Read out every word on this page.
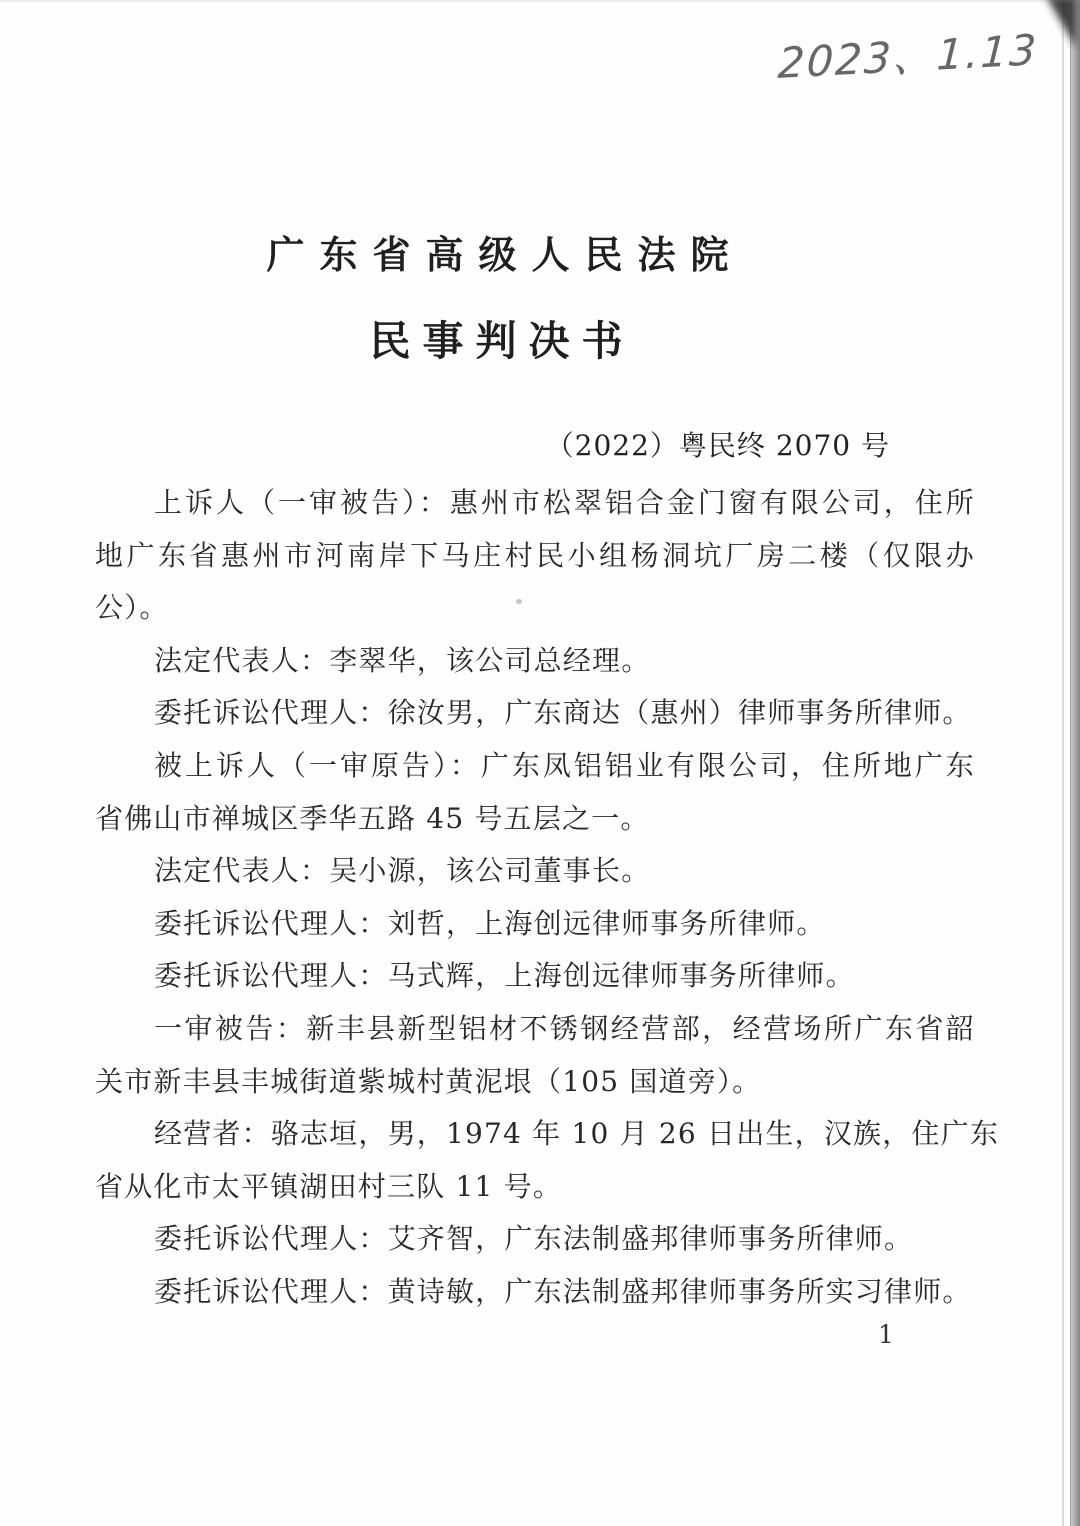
2023、1.13
广东省高级人民法院
民事判决书
（2022）粤民终 2070 号
上诉人（一审被告）：惠州市松翠铝合金门窗有限公司，住所
地广东省惠州市河南岸下马庄村民小组杨洞坑厂房二楼（仅限办
公）。
法定代表人：李翠华，该公司总经理。
委托诉讼代理人：徐汝男，广东商达（惠州）律师事务所律师。
被上诉人（一审原告）：广东凤铝铝业有限公司，住所地广东
省佛山市禅城区季华五路 45 号五层之一。
法定代表人：吴小源，该公司董事长。
委托诉讼代理人：刘哲，上海创远律师事务所律师。
委托诉讼代理人：马式辉，上海创远律师事务所律师。
一审被告：新丰县新型铝材不锈钢经营部，经营场所广东省韶
关市新丰县丰城街道紫城村黄泥垠（105 国道旁）。
经营者：骆志垣，男，1974 年 10 月 26 日出生，汉族，住广东
省从化市太平镇湖田村三队 11 号。
委托诉讼代理人：艾齐智，广东法制盛邦律师事务所律师。
委托诉讼代理人：黄诗敏，广东法制盛邦律师事务所实习律师。
1
